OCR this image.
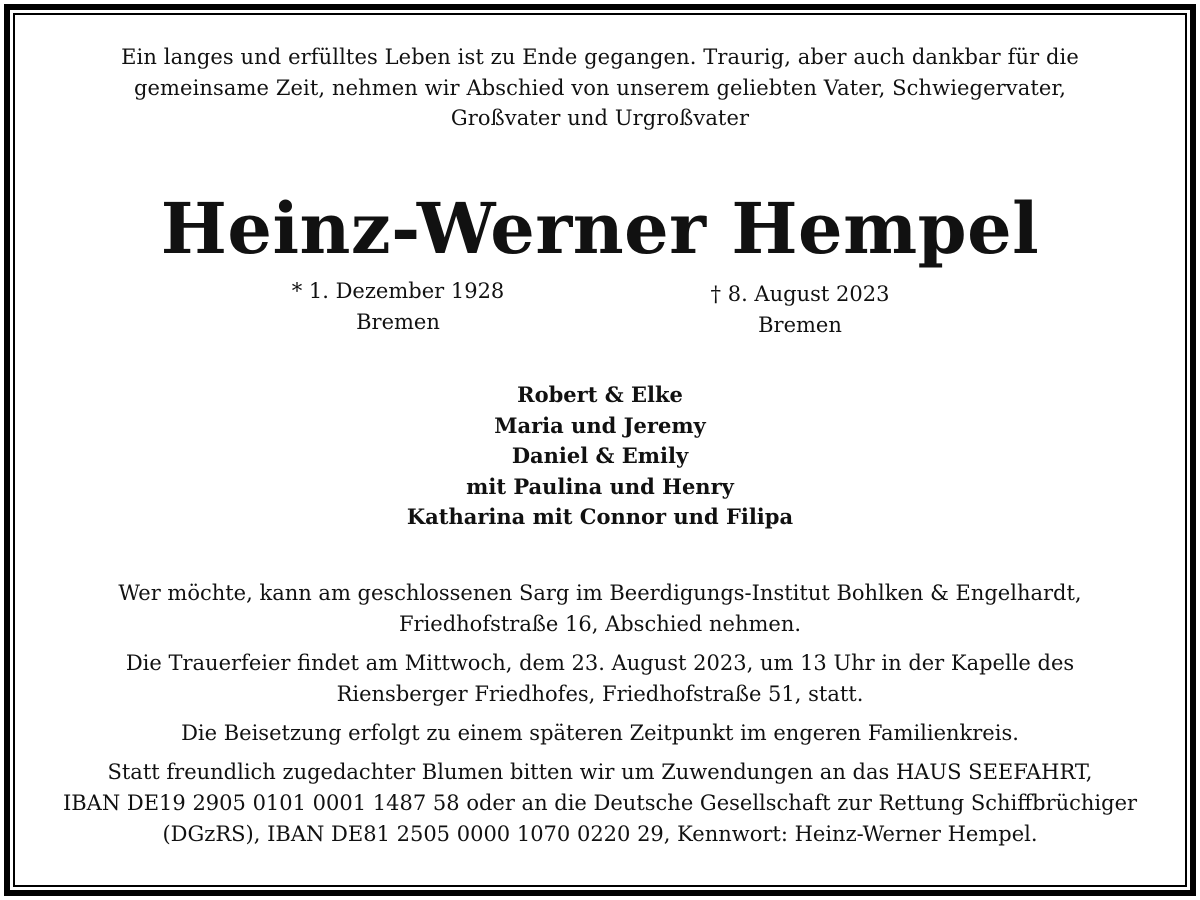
Ein langes und erfülltes Leben ist zu Ende gegangen. Traurig, aber auch dankbar für die
gemeinsame Zeit, nehmen wir Abschied von unserem geliebten Vater, Schwiegervater,
Großvater und Urgroßvater
Heinz-Werner Hempel
* 1. Dezember 1928
Bremen
† 8. August 2023
Bremen
Robert & Elke
Maria und Jeremy
Daniel & Emily
mit Paulina und Henry
Katharina mit Connor und Filipa
Wer möchte, kann am geschlossenen Sarg im Beerdigungs-Institut Bohlken & Engelhardt,
Friedhofstraße 16, Abschied nehmen.
Die Trauerfeier findet am Mittwoch, dem 23. August 2023, um 13 Uhr in der Kapelle des
Riensberger Friedhofes, Friedhofstraße 51, statt.
Die Beisetzung erfolgt zu einem späteren Zeitpunkt im engeren Familienkreis.
Statt freundlich zugedachter Blumen bitten wir um Zuwendungen an das HAUS SEEFAHRT,
IBAN DE19 2905 0101 0001 1487 58 oder an die Deutsche Gesellschaft zur Rettung Schiffbrüchiger
(DGzRS), IBAN DE81 2505 0000 1070 0220 29, Kennwort: Heinz-Werner Hempel.
